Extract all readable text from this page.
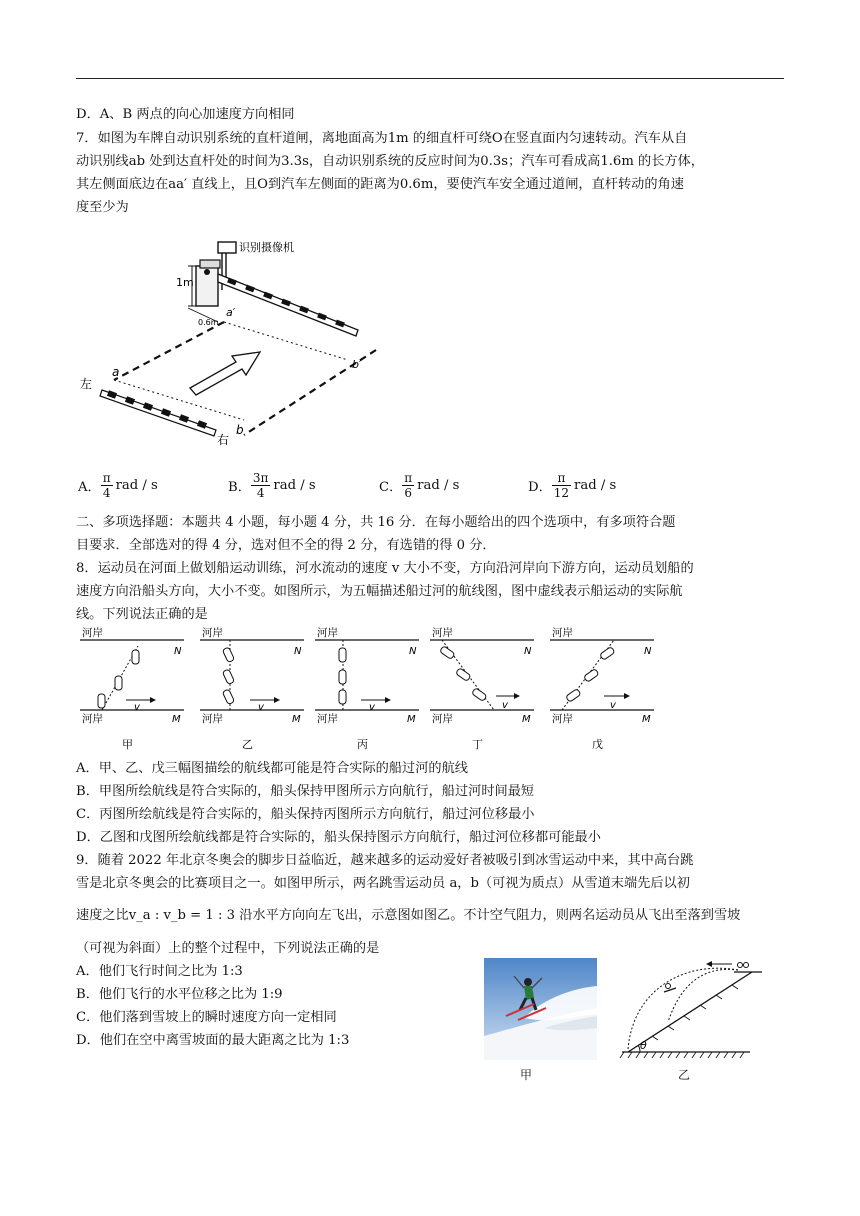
D．A、B 两点的向心加速度方向相同
7．如图为车牌自动识别系统的直杆道闸，离地面高为1m 的细直杆可绕O在竖直面内匀速转动。汽车从自
动识别线ab 处到达直杆处的时间为3.3s，自动识别系统的反应时间为0.3s；汽车可看成高1.6m 的长方体，
其左侧面底边在aa′ 直线上，且O到汽车左侧面的距离为0.6m，要使汽车安全通过道闸，直杆转动的角速
度至少为
识别摄像机
1m
0.6m
a′
b′
a
b
左
右
A． $\frac{\pi}{4}$ rad / s	B． $\frac{3\pi}{4}$ rad / s	C． $\frac{\pi}{6}$ rad / s	D． $\frac{\pi}{12}$ rad / s
二、多项选择题：本题共 4 小题，每小题 4 分，共 16 分．在每小题给出的四个选项中，有多项符合题
目要求．全部选对的得 4 分，选对但不全的得 2 分，有选错的得 0 分．
8．运动员在河面上做划船运动训练，河水流动的速度 v 大小不变，方向沿河岸向下游方向，运动员划船的
速度方向沿船头方向，大小不变。如图所示，为五幅描述船过河的航线图，图中虚线表示船运动的实际航
线。下列说法正确的是
河岸
N
河岸	M
v
甲
河岸
N
河岸	M
v
乙
河岸
N
河岸	M
v
丙
河岸
N
河岸	M
v
丁
河岸
N
河岸	M
v
戊
A．甲、乙、戊三幅图描绘的航线都可能是符合实际的船过河的航线
B．甲图所绘航线是符合实际的，船头保持甲图所示方向航行，船过河时间最短
C．丙图所绘航线是符合实际的，船头保持丙图所示方向航行，船过河位移最小
D．乙图和戊图所绘航线都是符合实际的，船头保持图示方向航行，船过河位移都可能最小
9．随着 2022 年北京冬奥会的脚步日益临近，越来越多的运动爱好者被吸引到冰雪运动中来，其中高台跳
雪是北京冬奥会的比赛项目之一。如图甲所示，两名跳雪运动员 a，b（可视为质点）从雪道末端先后以初
速度之比v_a : v_b = 1 : 3 沿水平方向向左飞出，示意图如图乙。不计空气阻力，则两名运动员从飞出至落到雪坡
（可视为斜面）上的整个过程中，下列说法正确的是
A．他们飞行时间之比为 1:3
B．他们飞行的水平位移之比为 1:9
C．他们落到雪坡上的瞬时速度方向一定相同
D．他们在空中离雪坡面的最大距离之比为 1:3
甲
θ
乙
